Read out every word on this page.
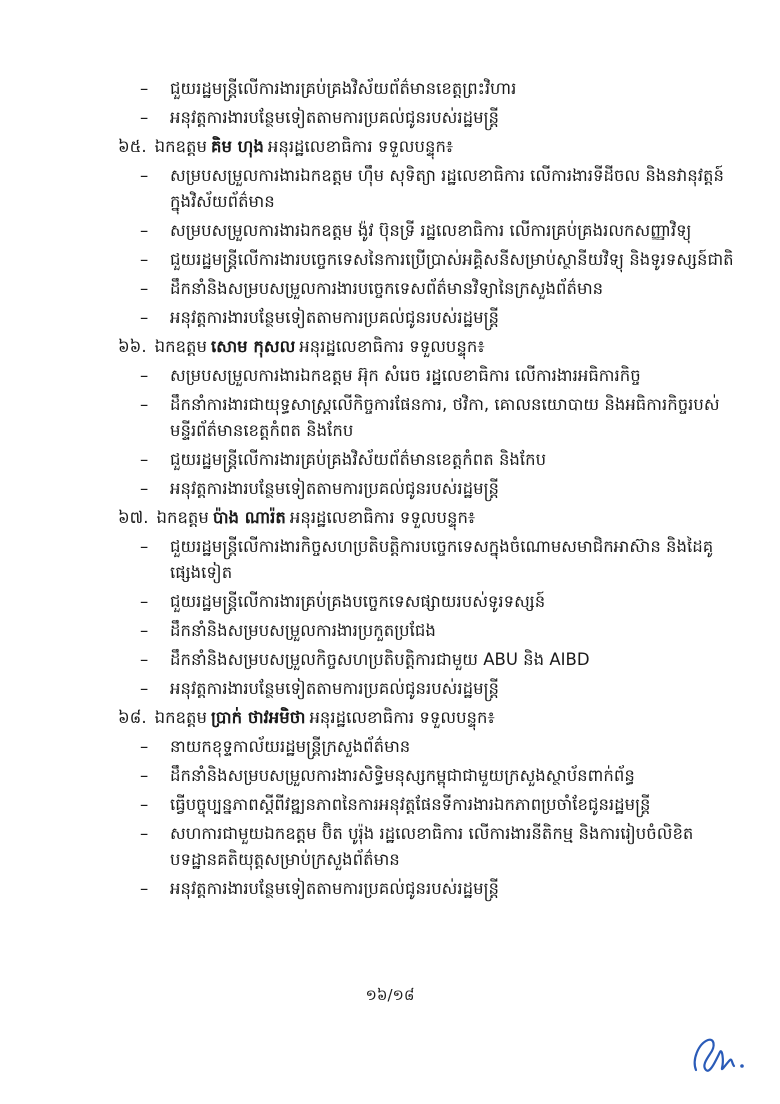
–	ជួយរដ្ឋមន្ត្រីលើការងារគ្រប់គ្រងវិស័យព័ត៌មានខេត្តព្រះវិហារ
–	អនុវត្តការងារបន្ថែមទៀតតាមការប្រគល់ជូនរបស់រដ្ឋមន្ត្រី
៦៥. ឯកឧត្តម គិម ហុង អនុរដ្ឋលេខាធិការ ទទួលបន្ទុក៖
–	សម្របសម្រួលការងារឯកឧត្តម ហ៊ឹម សុទិត្យា រដ្ឋលេខាធិការ លើការងារទីដីចល និងនវានុវត្តន៍ក្នុងវិស័យព័ត៌មាន
–	សម្របសម្រួលការងារឯកឧត្តម ង៉ូវ ប៊ុនទ្រី រដ្ឋលេខាធិការ លើការគ្រប់គ្រងរលកសញ្ញាវិទ្យុ
–	ជួយរដ្ឋមន្ត្រីលើការងារបច្ចេកទេសនៃការប្រើប្រាស់អគ្គិសនីសម្រាប់ស្ថានីយវិទ្យុ និងទូរទស្សន៍ជាតិ
–	ដឹកនាំនិងសម្របសម្រួលការងារបច្ចេកទេសព័ត៌មានវិទ្យានៃក្រសួងព័ត៌មាន
–	អនុវត្តការងារបន្ថែមទៀតតាមការប្រគល់ជូនរបស់រដ្ឋមន្ត្រី
៦៦. ឯកឧត្តម សោម កុសល អនុរដ្ឋលេខាធិការ ទទួលបន្ទុក៖
–	សម្របសម្រួលការងារឯកឧត្តម អ៊ុក សំរេច រដ្ឋលេខាធិការ លើការងារអធិការកិច្ច
–	ដឹកនាំការងារជាយុទ្ធសាស្ត្រលើកិច្ចការផែនការ, ថវិកា, គោលនយោបាយ និងអធិការកិច្ចរបស់មន្ទីរព័ត៌មានខេត្តកំពត និងកែប
–	ជួយរដ្ឋមន្ត្រីលើការងារគ្រប់គ្រងវិស័យព័ត៌មានខេត្តកំពត និងកែប
–	អនុវត្តការងារបន្ថែមទៀតតាមការប្រគល់ជូនរបស់រដ្ឋមន្ត្រី
៦៧. ឯកឧត្តម ប៉ាង ណារ៉ត អនុរដ្ឋលេខាធិការ ទទួលបន្ទុក៖
–	ជួយរដ្ឋមន្ត្រីលើការងារកិច្ចសហប្រតិបត្តិការបច្ចេកទេសក្នុងចំណោមសមាជិកអាស៊ាន និងដៃគូផ្សេងទៀត
–	ជួយរដ្ឋមន្ត្រីលើការងារគ្រប់គ្រងបច្ចេកទេសផ្សាយរបស់ទូរទស្សន៍
–	ដឹកនាំនិងសម្របសម្រួលការងារប្រកួតប្រជែង
–	ដឹកនាំនិងសម្របសម្រួលកិច្ចសហប្រតិបត្តិការជាមួយ ABU និង AIBD
–	អនុវត្តការងារបន្ថែមទៀតតាមការប្រគល់ជូនរបស់រដ្ឋមន្ត្រី
៦៨. ឯកឧត្តម ប្រាក់ ថាវអមិថា អនុរដ្ឋលេខាធិការ ទទួលបន្ទុក៖
–	នាយកខុទ្ទកាល័យរដ្ឋមន្ត្រីក្រសួងព័ត៌មាន
–	ដឹកនាំនិងសម្របសម្រួលការងារសិទ្ធិមនុស្សកម្ពុជាជាមួយក្រសួងស្ថាប័នពាក់ព័ន្ធ
–	ធ្វើបច្ចុប្បន្នភាពស្តីពីវឌ្ឍនភាពនៃការអនុវត្តផែនទីការងារឯកភាពប្រចាំខែជូនរដ្ឋមន្ត្រី
–	សហការជាមួយឯកឧត្តម ប៊ិត បូរ៉ុង រដ្ឋលេខាធិការ លើការងារនីតិកម្ម និងការរៀបចំលិខិតបទដ្ឋានគតិយុត្តសម្រាប់ក្រសួងព័ត៌មាន
–	អនុវត្តការងារបន្ថែមទៀតតាមការប្រគល់ជូនរបស់រដ្ឋមន្ត្រី
១៦/១៨
